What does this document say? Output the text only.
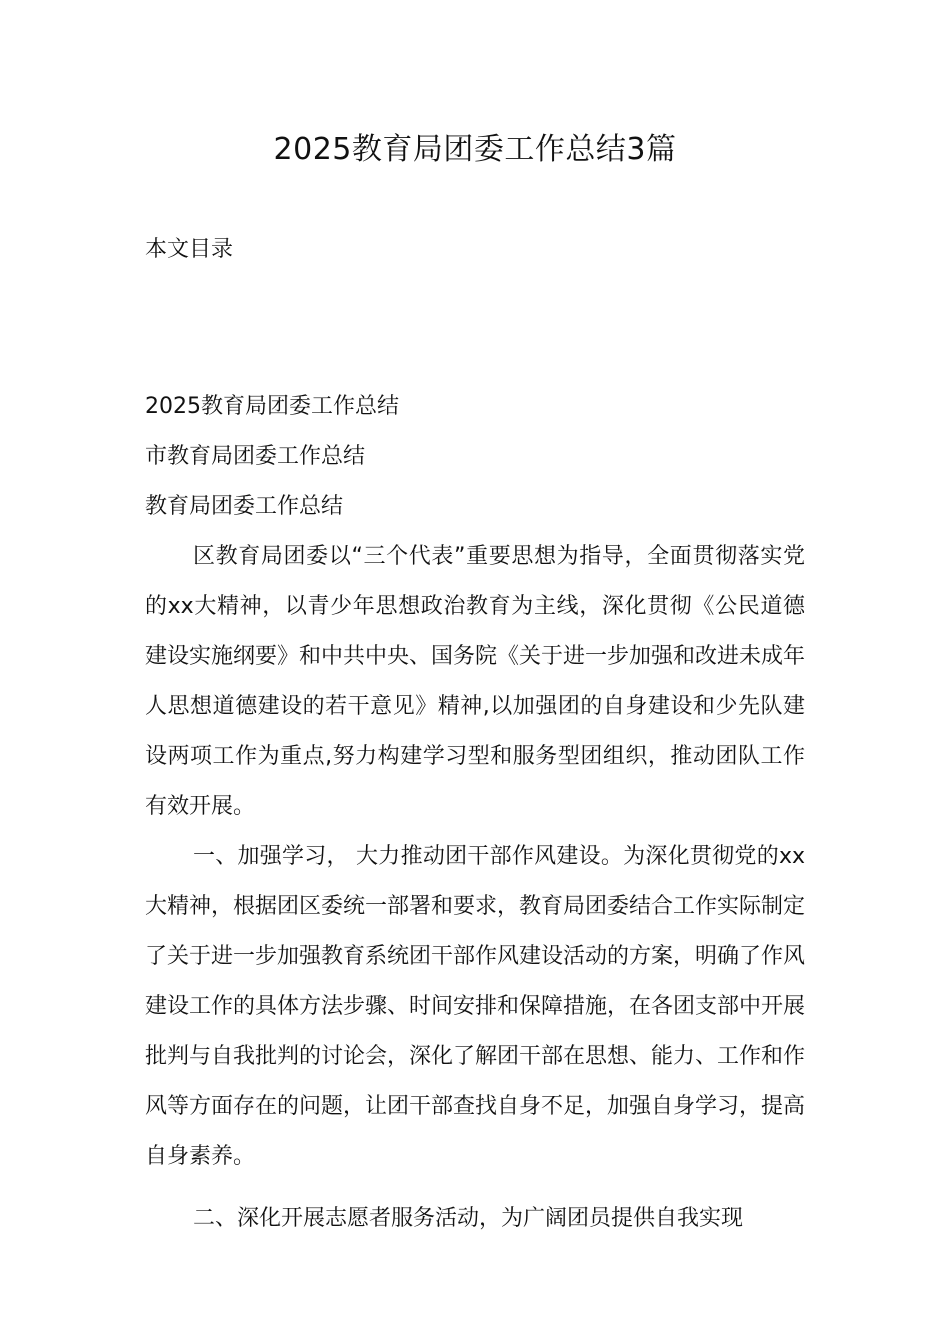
2025教育局团委工作总结3篇
本文目录
2025教育局团委工作总结
市教育局团委工作总结
教育局团委工作总结

区教育局团委以“三个代表”重要思想为指导，全面贯彻落实党的xx大精神，以青少年思想政治教育为主线，深化贯彻《公民道德建设实施纲要》和中共中央、国务院《关于进一步加强和改进未成年人思想道德建设的若干意见》精神,以加强团的自身建设和少先队建设两项工作为重点,努力构建学习型和服务型团组织，推动团队工作有效开展。

一、加强学习， 大力推动团干部作风建设。为深化贯彻党的xx大精神，根据团区委统一部署和要求，教育局团委结合工作实际制定了关于进一步加强教育系统团干部作风建设活动的方案，明确了作风建设工作的具体方法步骤、时间安排和保障措施，在各团支部中开展批判与自我批判的讨论会，深化了解团干部在思想、能力、工作和作风等方面存在的问题，让团干部查找自身不足，加强自身学习，提高自身素养。

二、深化开展志愿者服务活动，为广阔团员提供自我实现
